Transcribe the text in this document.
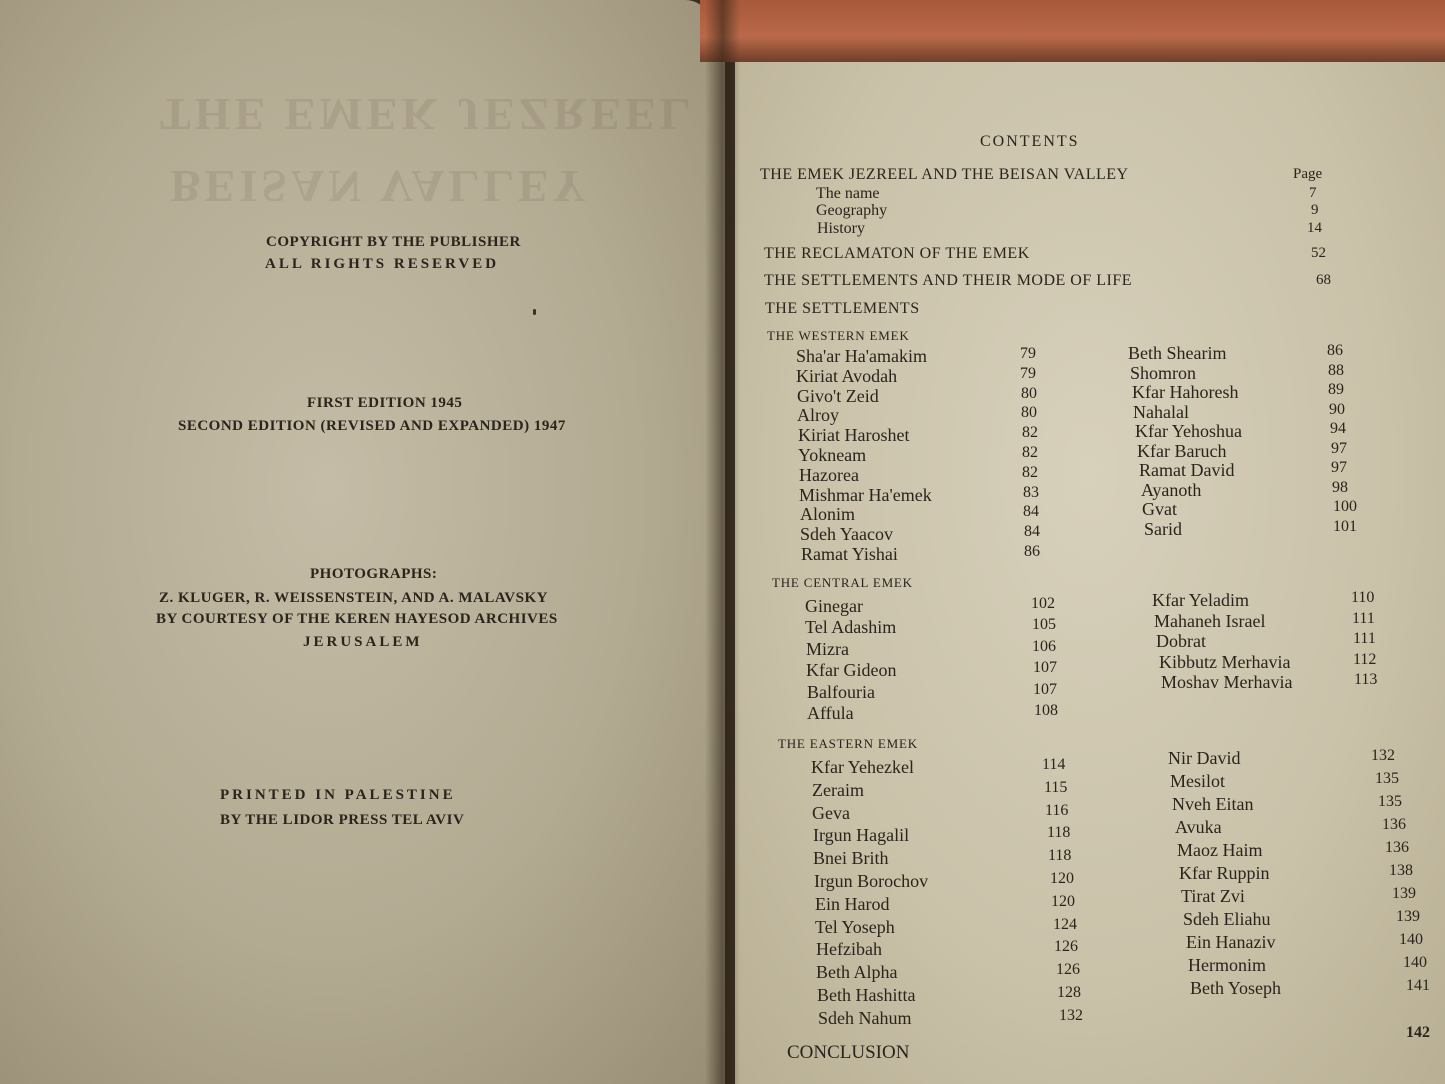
THE EMEK JEZREEL
BEISAN VALLEY
COPYRIGHT BY THE PUBLISHER
ALL RIGHTS RESERVED
FIRST EDITION 1945
SECOND EDITION (REVISED AND EXPANDED) 1947
PHOTOGRAPHS:
Z. KLUGER, R. WEISSENSTEIN, AND A. MALAVSKY
BY COURTESY OF THE KEREN HAYESOD ARCHIVES
JERUSALEM
PRINTED IN PALESTINE
BY THE LIDOR PRESS TEL AVIV
CONTENTS
THE EMEK JEZREEL AND THE BEISAN VALLEY	Page
The name	7
Geography	9
History	14
THE RECLAMATON OF THE EMEK	52
THE SETTLEMENTS AND THEIR MODE OF LIFE	68
THE SETTLEMENTS
THE WESTERN EMEK
THE CENTRAL EMEK
THE EASTERN EMEK
CONCLUSION
142
Sha'ar Ha'amakim	79
Kiriat Avodah	79
Givo't Zeid	80
Alroy	80
Kiriat Haroshet	82
Yokneam	82
Hazorea	82
Mishmar Ha'emek	83
Alonim	84
Sdeh Yaacov	84
Ramat Yishai	86
Beth Shearim	86
Shomron	88
Kfar Hahoresh	89
Nahalal	90
Kfar Yehoshua	94
Kfar Baruch	97
Ramat David	97
Ayanoth	98
Gvat	100
Sarid	101
Ginegar	102
Tel Adashim	105
Mizra	106
Kfar Gideon	107
Balfouria	107
Affula	108
Kfar Yeladim	110
Mahaneh Israel	111
Dobrat	111
Kibbutz Merhavia	112
Moshav Merhavia	113
Kfar Yehezkel	114
Zeraim	115
Geva	116
Irgun Hagalil	118
Bnei Brith	118
Irgun Borochov	120
Ein Harod	120
Tel Yoseph	124
Hefzibah	126
Beth Alpha	126
Beth Hashitta	128
Sdeh Nahum	132
Nir David	132
Mesilot	135
Nveh Eitan	135
Avuka	136
Maoz Haim	136
Kfar Ruppin	138
Tirat Zvi	139
Sdeh Eliahu	139
Ein Hanaziv	140
Hermonim	140
Beth Yoseph	141
